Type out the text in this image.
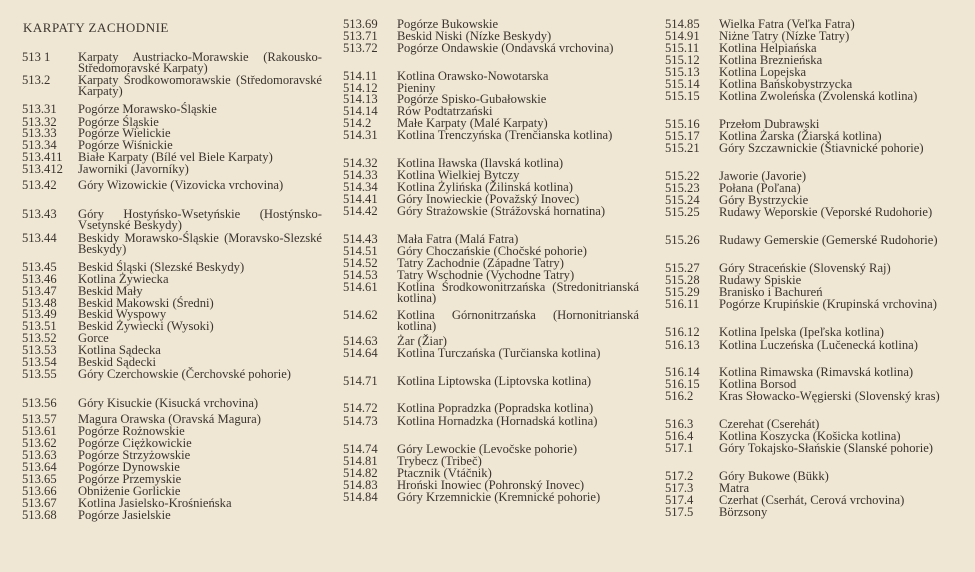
KARPATY ZACHODNIE
513 1 Karpaty Austriacko-Morawskie (Rakousko-Středomoravské Karpaty)
513.2 Karpaty Środkowomorawskie (Středomoravské Karpaty)
513.31 Pogórze Morawsko-Śląskie
513.32 Pogórze Śląskie
513.33 Pogórze Wielickie
513.34 Pogórze Wiśnickie
513.411 Białe Karpaty (Bílé vel Biele Karpaty)
513.412 Jaworniki (Javorníky)
513.42 Góry Wizowickie (Vizovicka vrchovina)
513.43 Góry Hostyńsko-Wsetyńskie (Hostýnsko-Vsetynské Beskydy)
513.44 Beskidy Morawsko-Śląskie (Moravsko-Slezské Beskydy)
513.45 Beskid Śląski (Slezské Beskydy)
513.46 Kotlina Żywiecka
513.47 Beskid Mały
513.48 Beskid Makowski (Średni)
513.49 Beskid Wyspowy
513.51 Beskid Żywiecki (Wysoki)
513.52 Gorce
513.53 Kotlina Sądecka
513.54 Beskid Sądecki
513.55 Góry Czerchowskie (Čerchovské pohorie)
513.56 Góry Kisuckie (Kisucká vrchovina)
513.57 Magura Orawska (Oravská Magura)
513.61 Pogórze Rożnowskie
513.62 Pogórze Ciężkowickie
513.63 Pogórze Strzyżowskie
513.64 Pogórze Dynowskie
513.65 Pogórze Przemyskie
513.66 Obniżenie Gorlickie
513.67 Kotlina Jasielsko-Krośnieńska
513.68 Pogórze Jasielskie
513.69 Pogórze Bukowskie
513.71 Beskid Niski (Nízke Beskydy)
513.72 Pogórze Ondawskie (Ondavská vrchovina)
514.11 Kotlina Orawsko-Nowotarska
514.12 Pieniny
514.13 Pogórze Spisko-Gubałowskie
514.14 Rów Podtatrzański
514.2 Małe Karpaty (Malé Karpaty)
514.31 Kotlina Trenczyńska (Trenčianska kotlina)
514.32 Kotlina Iławska (Ilavská kotlina)
514.33 Kotlina Wielkiej Bytczy
514.34 Kotlina Żylińska (Žilinská kotlina)
514.41 Góry Inowieckie (Považský Inovec)
514.42 Góry Strażowskie (Strážovská hornatina)
514.43 Mała Fatra (Malá Fatra)
514.51 Góry Choczańskie (Chočské pohorie)
514.52 Tatry Zachodnie (Západne Tatry)
514.53 Tatry Wschodnie (Vychodne Tatry)
514.61 Kotlina Środkowonitrzańska (Stredonitrianská kotlina)
514.62 Kotlina Górnonitrzańska (Hornonitrianská kotlina)
514.63 Żar (Žiar)
514.64 Kotlina Turczańska (Turčianska kotlina)
514.71 Kotlina Liptowska (Liptovska kotlina)
514.72 Kotlina Popradzka (Popradska kotlina)
514.73 Kotlina Hornadzka (Hornadská kotlina)
514.74 Góry Lewockie (Levočske pohorie)
514.81 Trybecz (Tribeč)
514.82 Ptacznik (Vtáčnik)
514.83 Hroński Inowiec (Pohronský Inovec)
514.84 Góry Krzemnickie (Kremnické pohorie)
514.85 Wielka Fatra (Veľka Fatra)
514.91 Niżne Tatry (Nízke Tatry)
515.11 Kotlina Helpiańska
515.12 Kotlina Breznieńska
515.13 Kotlina Lopejska
515.14 Kotlina Bańskobystrzycka
515.15 Kotlina Zwoleńska (Zvolenská kotlina)
515.16 Przełom Dubrawski
515.17 Kotlina Żarska (Žiarská kotlina)
515.21 Góry Szczawnickie (Štiavnické pohorie)
515.22 Jaworie (Javorie)
515.23 Połana (Poľana)
515.24 Góry Bystrzyckie
515.25 Rudawy Weporskie (Veporské Rudohorie)
515.26 Rudawy Gemerskie (Gemerské Rudohorie)
515.27 Góry Straceńskie (Slovenský Raj)
515.28 Rudawy Spiskie
515.29 Branisko i Bachureń
516.11 Pogórze Krupińskie (Krupinská vrchovina)
516.12 Kotlina Ipelska (Ipeľska kotlina)
516.13 Kotlina Luczeńska (Lučenecká kotlina)
516.14 Kotlina Rimawska (Rimavská kotlina)
516.15 Kotlina Borsod
516.2 Kras Słowacko-Węgierski (Slovenský kras)
516.3 Czerehat (Cserehát)
516.4 Kotlina Koszycka (Košicka kotlina)
517.1 Góry Tokajsko-Słańskie (Slanské pohorie)
517.2 Góry Bukowe (Bükk)
517.3 Matra
517.4 Czerhat (Cserhát, Cerová vrchovina)
517.5 Börzsony
